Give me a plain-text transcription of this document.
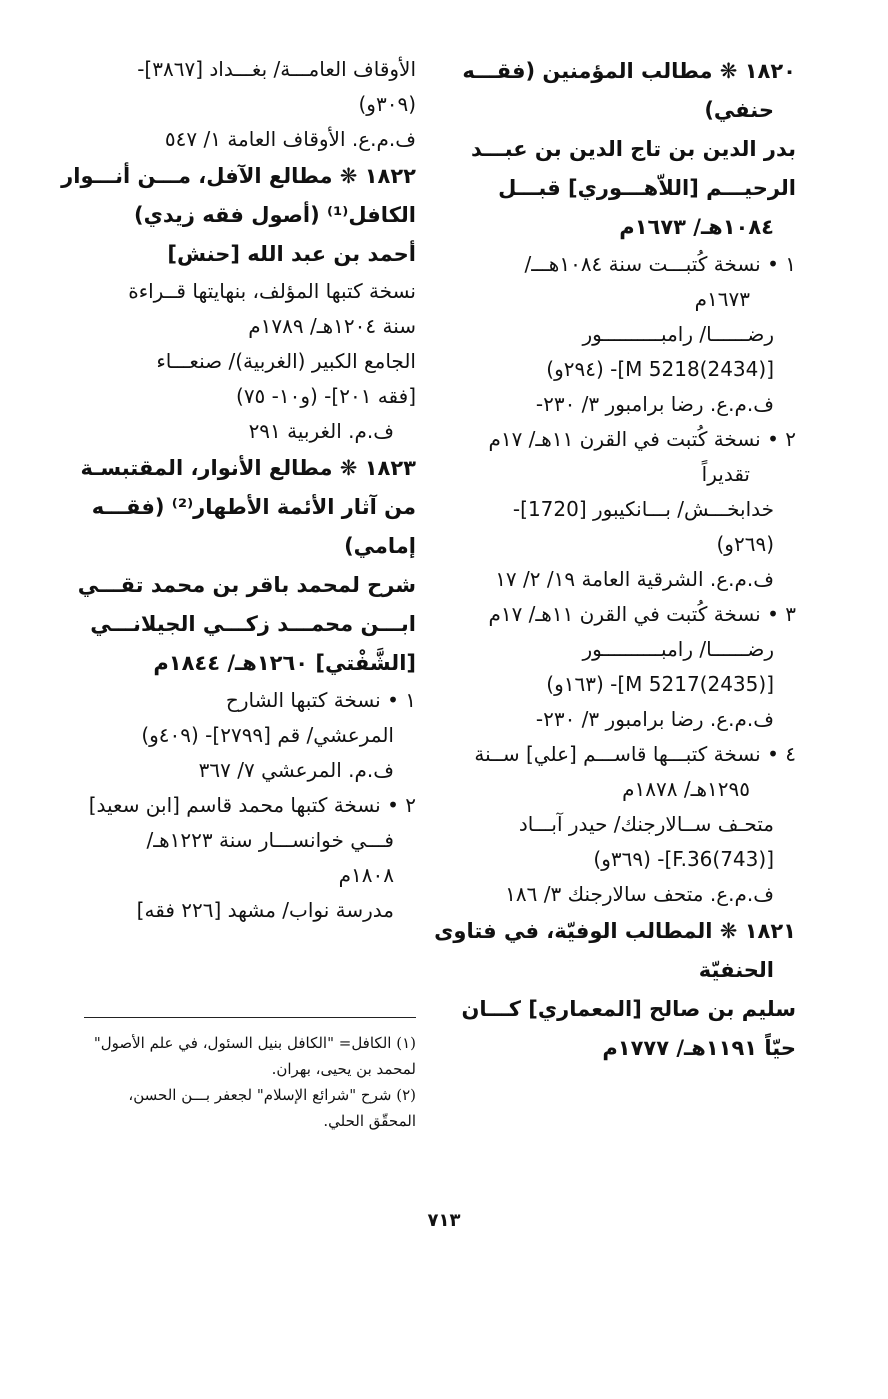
١٨٢٠ ❋ مطالب المؤمنين (فقـــه
حنفي)
بدر الدين بن تاج الدين بن عبـــد
الرحيـــم [اللاّهـــوري] قبـــل
١٠٨٤هـ/ ١٦٧٣م
١ • نسخة كُتبـــت سنة ١٠٨٤هـــ/
١٦٧٣م
رضــــــا/ رامبــــــــــور
[M 5218(2434)]- (٢٩٤و)
ف.م.ع. رضا برامبور ٣/ ٢٣٠-
٢ • نسخة كُتبت في القرن ١١هـ/ ١٧م
تقديراً
خدابخـــش/ بـــانكيبور [1720]-
(٢٦٩و)
ف.م.ع. الشرقية العامة ١٩/ ٢/ ١٧
٣ • نسخة كُتبت في القرن ١١هـ/ ١٧م
رضــــــا/ رامبــــــــــور
[M 5217(2435)]- (١٦٣و)
ف.م.ع. رضا برامبور ٣/ ٢٣٠-
٤ • نسخة كتبـــها قاســـم [علي] ســنة
١٢٩٥هـ/ ١٨٧٨م
متحـف ســالارجنك/ حيدر آبـــاد
[F.36(743)]- (٣٦٩و)
ف.م.ع. متحف سالارجنك ٣/ ١٨٦
١٨٢١ ❋ المطالب الوفيّة، في فتاوى
الحنفيّة
سليم بن صالح [المعماري] كـــان
حيّاً ١١٩١هـ/ ١٧٧٧م
الأوقاف العامـــة/ بغـــداد [٣٨٦٧]-
(٣٠٩و)
ف.م.ع. الأوقاف العامة ١/ ٥٤٧
١٨٢٢ ❋ مطالع الآفل، مـــن أنـــوار
الكافل⁽¹⁾ (أصول فقه زيدي)
أحمد بن عبد الله [حنش]
نسخة كتبها المؤلف، بنهايتها قــراءة
سنة ١٢٠٤هـ/ ١٧٨٩م
الجامع الكبير (الغربية)/ صنعـــاء
[فقه ٢٠١]- (و١٠- ٧٥)
ف.م. الغربية ٢٩١
١٨٢٣ ❋ مطالع الأنوار، المقتبسـة
من آثار الأئمة الأطهار⁽²⁾ (فقـــه
إمامي)
شرح لمحمد باقر بن محمد تقـــي
ابـــن محمـــد زكـــي الجيلانـــي
[الشَّفْتي] ١٢٦٠هـ/ ١٨٤٤م
١ • نسخة كتبها الشارح
المرعشي/ قم [٢٧٩٩]- (٤٠٩و)
ف.م. المرعشي ٧/ ٣٦٧
٢ • نسخة كتبها محمد قاسم [ابن سعيد]
فـــي خوانســـار سنة ١٢٢٣هـ/
١٨٠٨م
مدرسة نواب/ مشهد [٢٢٦ فقه]
(١) الكافل= "الكافل بنيل السئول، في علم الأصول"
لمحمد بن يحيى، بهران.
(٢) شرح "شرائع الإسلام" لجعفر بـــن الحسن،
المحقّق الحلي.
٧١٣
